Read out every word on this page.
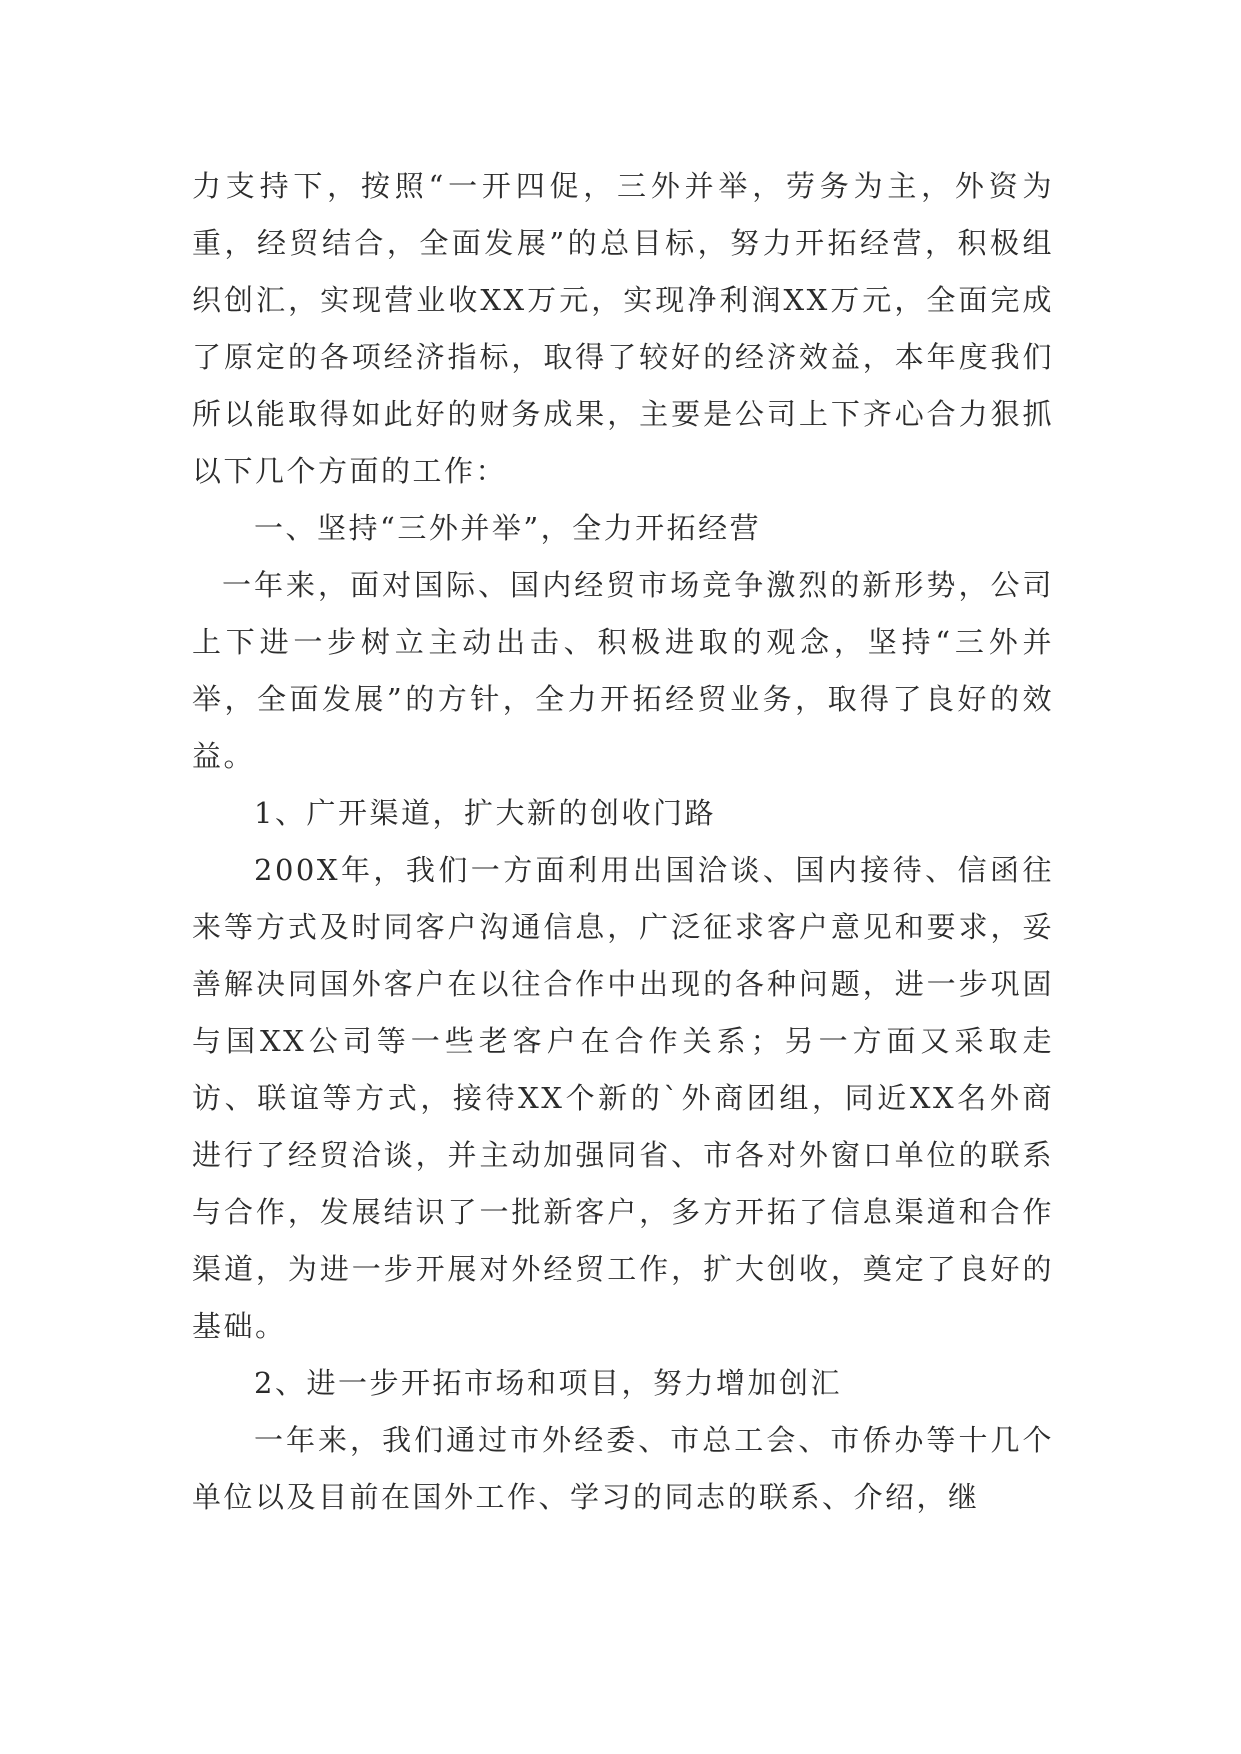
力支持下，按照“一开四促，三外并举，劳务为主，外资为重，经贸结合，全面发展”的总目标，努力开拓经营，积极组织创汇，实现营业收XX万元，实现净利润XX万元，全面完成了原定的各项经济指标，取得了较好的经济效益，本年度我们所以能取得如此好的财务成果，主要是公司上下齐心合力狠抓以下几个方面的工作：

一、坚持“三外并举”，全力开拓经营

一年来，面对国际、国内经贸市场竞争激烈的新形势，公司上下进一步树立主动出击、积极进取的观念，坚持“三外并举，全面发展”的方针，全力开拓经贸业务，取得了良好的效益。

1、广开渠道，扩大新的创收门路

200X年，我们一方面利用出国洽谈、国内接待、信函往来等方式及时同客户沟通信息，广泛征求客户意见和要求，妥善解决同国外客户在以往合作中出现的各种问题，进一步巩固与国XX公司等一些老客户在合作关系；另一方面又采取走访、联谊等方式，接待XX个新的`外商团组，同近XX名外商进行了经贸洽谈，并主动加强同省、市各对外窗口单位的联系与合作，发展结识了一批新客户，多方开拓了信息渠道和合作渠道，为进一步开展对外经贸工作，扩大创收，奠定了良好的基础。

2、进一步开拓市场和项目，努力增加创汇

一年来，我们通过市外经委、市总工会、市侨办等十几个单位以及目前在国外工作、学习的同志的联系、介绍，继
